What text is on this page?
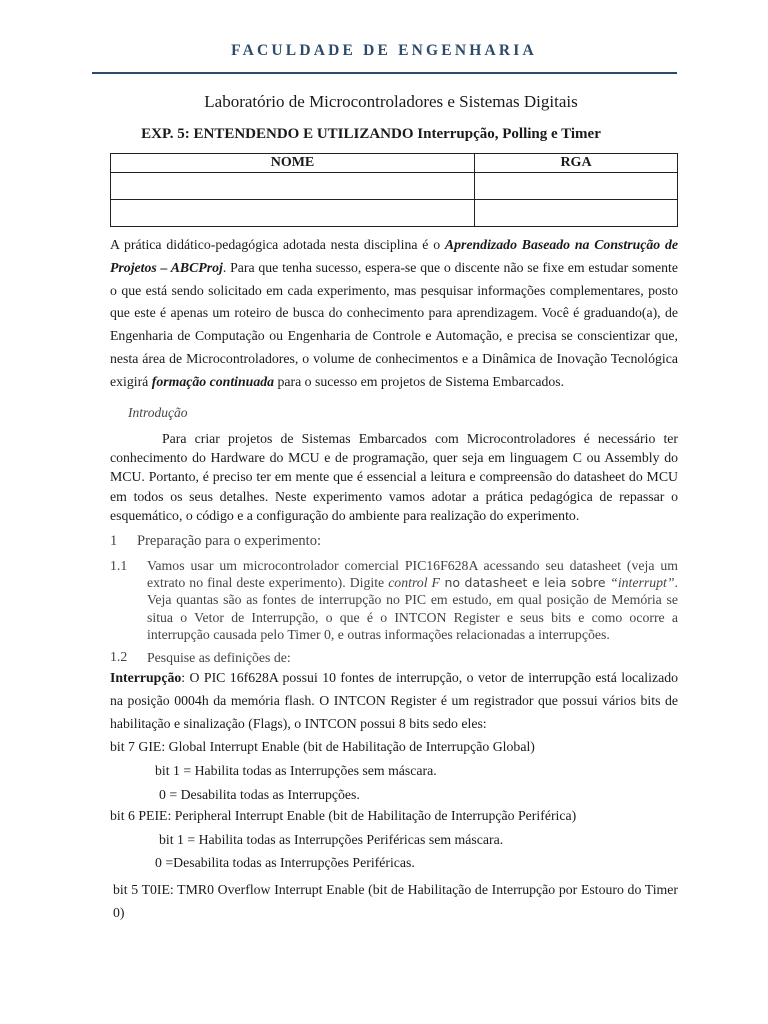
FACULDADE DE ENGENHARIA
Laboratório de Microcontroladores e Sistemas Digitais
EXP. 5: ENTENDENDO E UTILIZANDO Interrupção, Polling e Timer
NOME	RGA

A prática didático-pedagógica adotada nesta disciplina é o Aprendizado Baseado na Construção de Projetos – ABCProj. Para que tenha sucesso, espera-se que o discente não se fixe em estudar somente o que está sendo solicitado em cada experimento, mas pesquisar informações complementares, posto que este é apenas um roteiro de busca do conhecimento para aprendizagem. Você é graduando(a), de Engenharia de Computação ou Engenharia de Controle e Automação, e precisa se conscientizar que, nesta área de Microcontroladores, o volume de conhecimentos e a Dinâmica de Inovação Tecnológica exigirá formação continuada para o sucesso em projetos de Sistema Embarcados.
Introdução
Para criar projetos de Sistemas Embarcados com Microcontroladores é necessário ter conhecimento do Hardware do MCU e de programação, quer seja em linguagem C ou Assembly do MCU. Portanto, é preciso ter em mente que é essencial a leitura e compreensão do datasheet do MCU em todos os seus detalhes. Neste experimento vamos adotar a prática pedagógica de repassar o esquemático, o código e a configuração do ambiente para realização do experimento.
1 Preparação para o experimento:
1.1 Vamos usar um microcontrolador comercial PIC16F628A acessando seu datasheet (veja um extrato no final deste experimento). Digite control F no datasheet e leia sobre “interrupt”. Veja quantas são as fontes de interrupção no PIC em estudo, em qual posição de Memória se situa o Vetor de Interrupção, o que é o INTCON Register e seus bits e como ocorre a interrupção causada pelo Timer 0, e outras informações relacionadas a interrupções.
1.2 Pesquise as definições de:
Interrupção: O PIC 16f628A possui 10 fontes de interrupção, o vetor de interrupção está localizado na posição 0004h da memória flash. O INTCON Register é um registrador que possui vários bits de habilitação e sinalização (Flags), o INTCON possui 8 bits sedo eles:
bit 7 GIE: Global Interrupt Enable (bit de Habilitação de Interrupção Global)
bit 1 = Habilita todas as Interrupções sem máscara.
0 = Desabilita todas as Interrupções.
bit 6 PEIE: Peripheral Interrupt Enable (bit de Habilitação de Interrupção Periférica)
bit 1 = Habilita todas as Interrupções Periféricas sem máscara.
0 =Desabilita todas as Interrupções Periféricas.
bit 5 T0IE: TMR0 Overflow Interrupt Enable (bit de Habilitação de Interrupção por Estouro do Timer 0)
